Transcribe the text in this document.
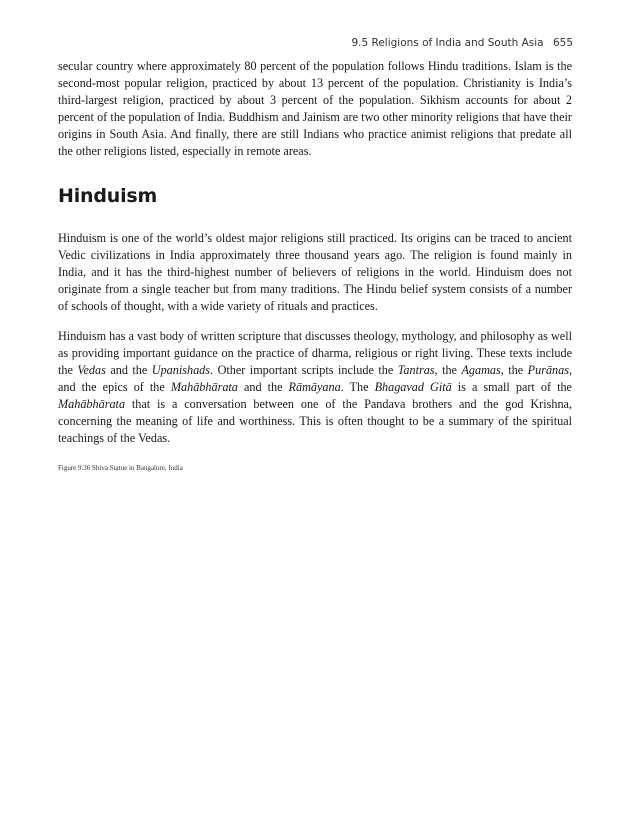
9.5 Religions of India and South Asia 655

secular country where approximately 80 percent of the population follows Hindu traditions. Islam is the second-most popular religion, practiced by about 13 percent of the population. Christianity is India’s third-largest religion, practiced by about 3 percent of the population. Sikhism accounts for about 2 percent of the population of India. Buddhism and Jainism are two other minority religions that have their origins in South Asia. And finally, there are still Indians who practice animist religions that predate all the other religions listed, especially in remote areas.

Hinduism

Hinduism is one of the world’s oldest major religions still practiced. Its origins can be traced to ancient Vedic civilizations in India approximately three thousand years ago. The religion is found mainly in India, and it has the third-highest number of believers of religions in the world. Hinduism does not originate from a single teacher but from many traditions. The Hindu belief system consists of a number of schools of thought, with a wide variety of rituals and practices.

Hinduism has a vast body of written scripture that discusses theology, mythology, and philosophy as well as providing important guidance on the practice of dharma, religious or right living. These texts include the Vedas and the Upanishads. Other important scripts include the Tantras, the Agamas, the Purānas, and the epics of the Mahābhārata and the Rāmāyana. The Bhagavad Gitā is a small part of the Mahābhārata that is a conversation between one of the Pandava brothers and the god Krishna, concerning the meaning of life and worthiness. This is often thought to be a summary of the spiritual teachings of the Vedas.

Figure 9.36 Shiva Statue in Bangalore, India
